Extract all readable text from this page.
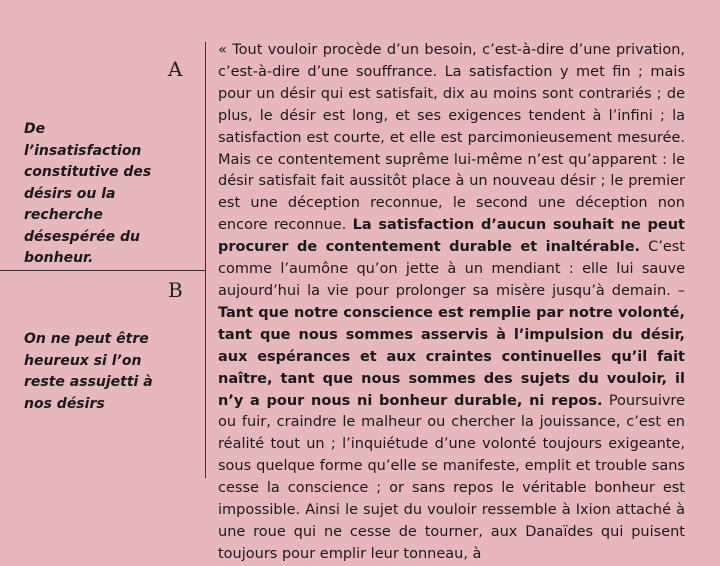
A
De l’insatisfaction constitutive des désirs ou la recherche désespérée du bonheur.
B
On ne peut être heureux si l’on reste assujetti à nos désirs
« Tout vouloir procède d’un besoin, c’est-à-dire d’une privation, c’est-à-dire d’une souffrance. La satisfaction y met fin ; mais pour un désir qui est satisfait, dix au moins sont contrariés ; de plus, le désir est long, et ses exigences tendent à l’infini ; la satisfaction est courte, et elle est parcimonieusement mesurée. Mais ce contentement suprême lui-même n’est qu’apparent : le désir satisfait fait aussitôt place à un nouveau désir ; le premier est une déception reconnue, le second une déception non encore reconnue. La satisfaction d’aucun souhait ne peut procurer de contentement durable et inaltérable. C’est comme l’aumône qu’on jette à un mendiant : elle lui sauve aujourd’hui la vie pour prolonger sa misère jusqu’à demain. – Tant que notre conscience est remplie par notre volonté, tant que nous sommes asservis à l’impulsion du désir, aux espérances et aux craintes continuelles qu’il fait naître, tant que nous sommes des sujets du vouloir, il n’y a pour nous ni bonheur durable, ni repos. Poursuivre ou fuir, craindre le malheur ou chercher la jouissance, c’est en réalité tout un ; l’inquiétude d’une volonté toujours exigeante, sous quelque forme qu’elle se manifeste, emplit et trouble sans cesse la conscience ; or sans repos le véritable bonheur est impossible. Ainsi le sujet du vouloir ressemble à Ixion attaché à une roue qui ne cesse de tourner, aux Danaïdes qui puisent toujours pour emplir leur tonneau, à
